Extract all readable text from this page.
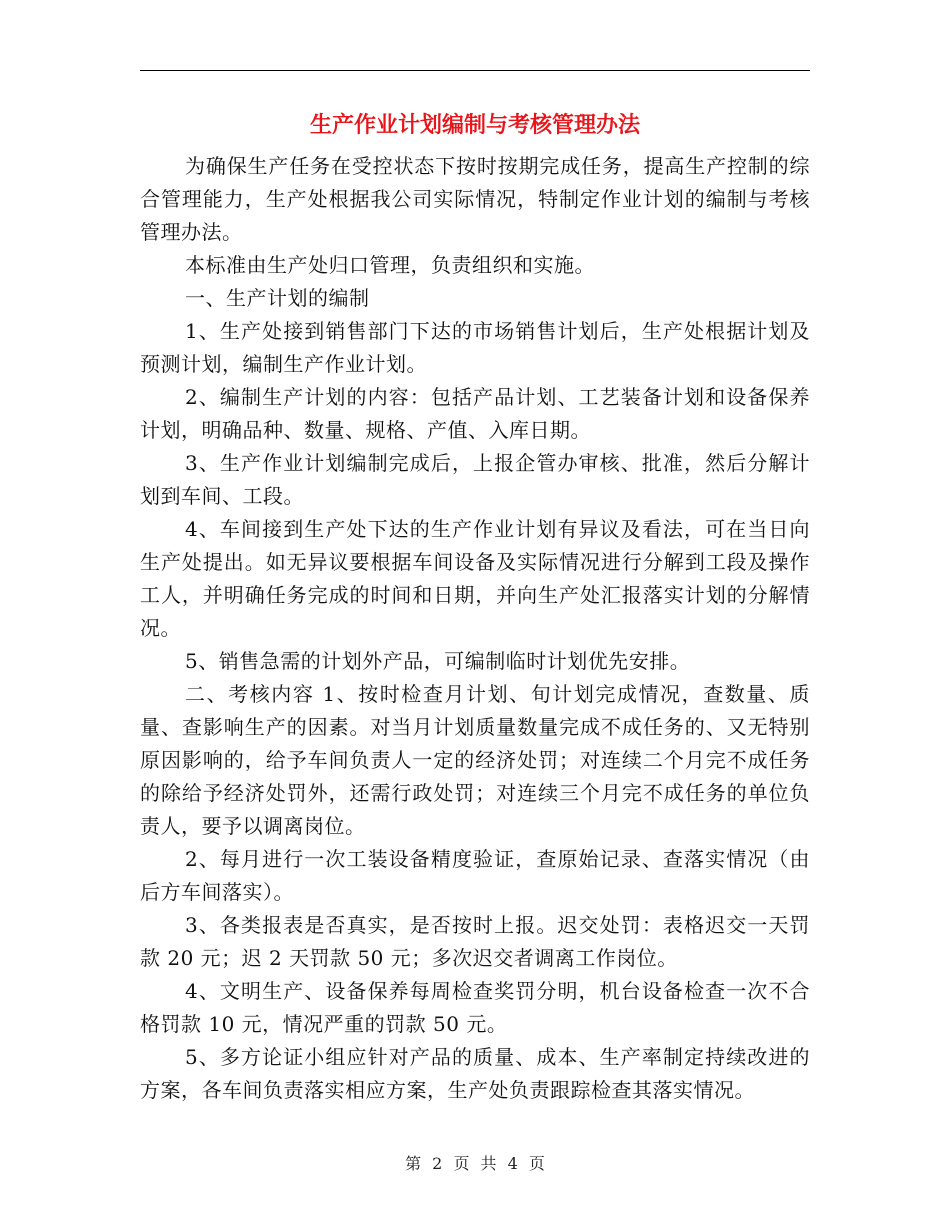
生产作业计划编制与考核管理办法

为确保生产任务在受控状态下按时按期完成任务，提高生产控制的综合管理能力，生产处根据我公司实际情况，特制定作业计划的编制与考核管理办法。

本标准由生产处归口管理，负责组织和实施。

一、生产计划的编制

1、生产处接到销售部门下达的市场销售计划后，生产处根据计划及预测计划，编制生产作业计划。

2、编制生产计划的内容：包括产品计划、工艺装备计划和设备保养计划，明确品种、数量、规格、产值、入库日期。

3、生产作业计划编制完成后，上报企管办审核、批准，然后分解计划到车间、工段。

4、车间接到生产处下达的生产作业计划有异议及看法，可在当日向生产处提出。如无异议要根据车间设备及实际情况进行分解到工段及操作工人，并明确任务完成的时间和日期，并向生产处汇报落实计划的分解情况。

5、销售急需的计划外产品，可编制临时计划优先安排。

二、考核内容 1、按时检查月计划、旬计划完成情况，查数量、质量、查影响生产的因素。对当月计划质量数量完成不成任务的、又无特别原因影响的，给予车间负责人一定的经济处罚；对连续二个月完不成任务的除给予经济处罚外，还需行政处罚；对连续三个月完不成任务的单位负责人，要予以调离岗位。

2、每月进行一次工装设备精度验证，查原始记录、查落实情况（由后方车间落实）。

3、各类报表是否真实，是否按时上报。迟交处罚：表格迟交一天罚款 20 元；迟 2 天罚款 50 元；多次迟交者调离工作岗位。

4、文明生产、设备保养每周检查奖罚分明，机台设备检查一次不合格罚款 10 元，情况严重的罚款 50 元。

5、多方论证小组应针对产品的质量、成本、生产率制定持续改进的方案，各车间负责落实相应方案，生产处负责跟踪检查其落实情况。

第 2 页 共 4 页
